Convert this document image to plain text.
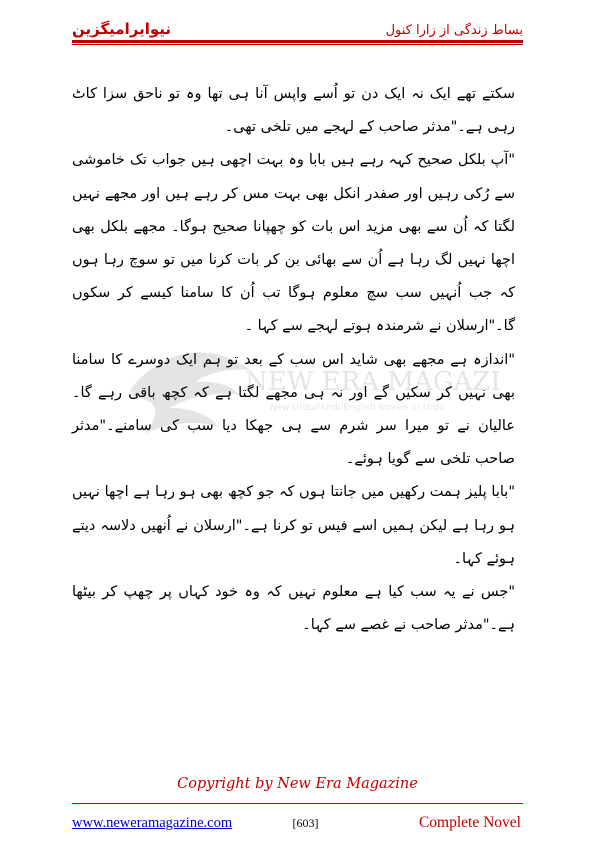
نیوایرامیگزین	بساط زندگی از زارا کنول
NEW ERA MAGAZI
New Urdu/Hindi/English Novels in Urdu

سکتے تھے ایک نہ ایک دن تو اُسے واپس آنا ہی تھا وہ تو ناحق سزا کاٹ رہی ہے۔"مدثر صاحب کے لہجے میں تلخی تھی۔

"آپ بلکل صحیح کہہ رہے ہیں بابا وہ بہت اچھی ہیں جواب تک خاموشی سے رُکی رہیں اور صفدر انکل بھی بہت مس کر رہے ہیں اور مجھے نہیں لگتا کہ اُن سے بھی مزید اس بات کو چھپانا صحیح ہوگا۔ مجھے بلکل بھی اچھا نہیں لگ رہا ہے اُن سے بھائی بن کر بات کرنا میں تو سوچ رہا ہوں کہ جب اُنہیں سب سچ معلوم ہوگا تب اُن کا سامنا کیسے کر سکوں گا۔"ارسلان نے شرمندہ ہوتے لہجے سے کہا ۔

"اندازہ ہے مجھے بھی شاید اس سب کے بعد تو ہم ایک دوسرے کا سامنا بھی نہیں کر سکیں گے اور نہ ہی مجھے لگتا ہے کہ کچھ باقی رہے گا۔ عالیان نے تو میرا سر شرم سے ہی جھکا دیا سب کی سامنے۔"مدثر صاحب تلخی سے گویا ہوئے۔

"بابا پلیز ہمت رکھیں میں جانتا ہوں کہ جو کچھ بھی ہو رہا ہے اچھا نہیں ہو رہا ہے لیکن ہمیں اسے فیس تو کرنا ہے۔"ارسلان نے اُنھیں دلاسہ دیتے ہوئے کہا۔

"جس نے یہ سب کیا ہے معلوم نہیں کہ وہ خود کہاں پر چھپ کر بیٹھا ہے۔"مدثر صاحب نے غصے سے کہا۔

Copyright by New Era Magazine
www.neweramagazine.com	[603]	Complete Novel
